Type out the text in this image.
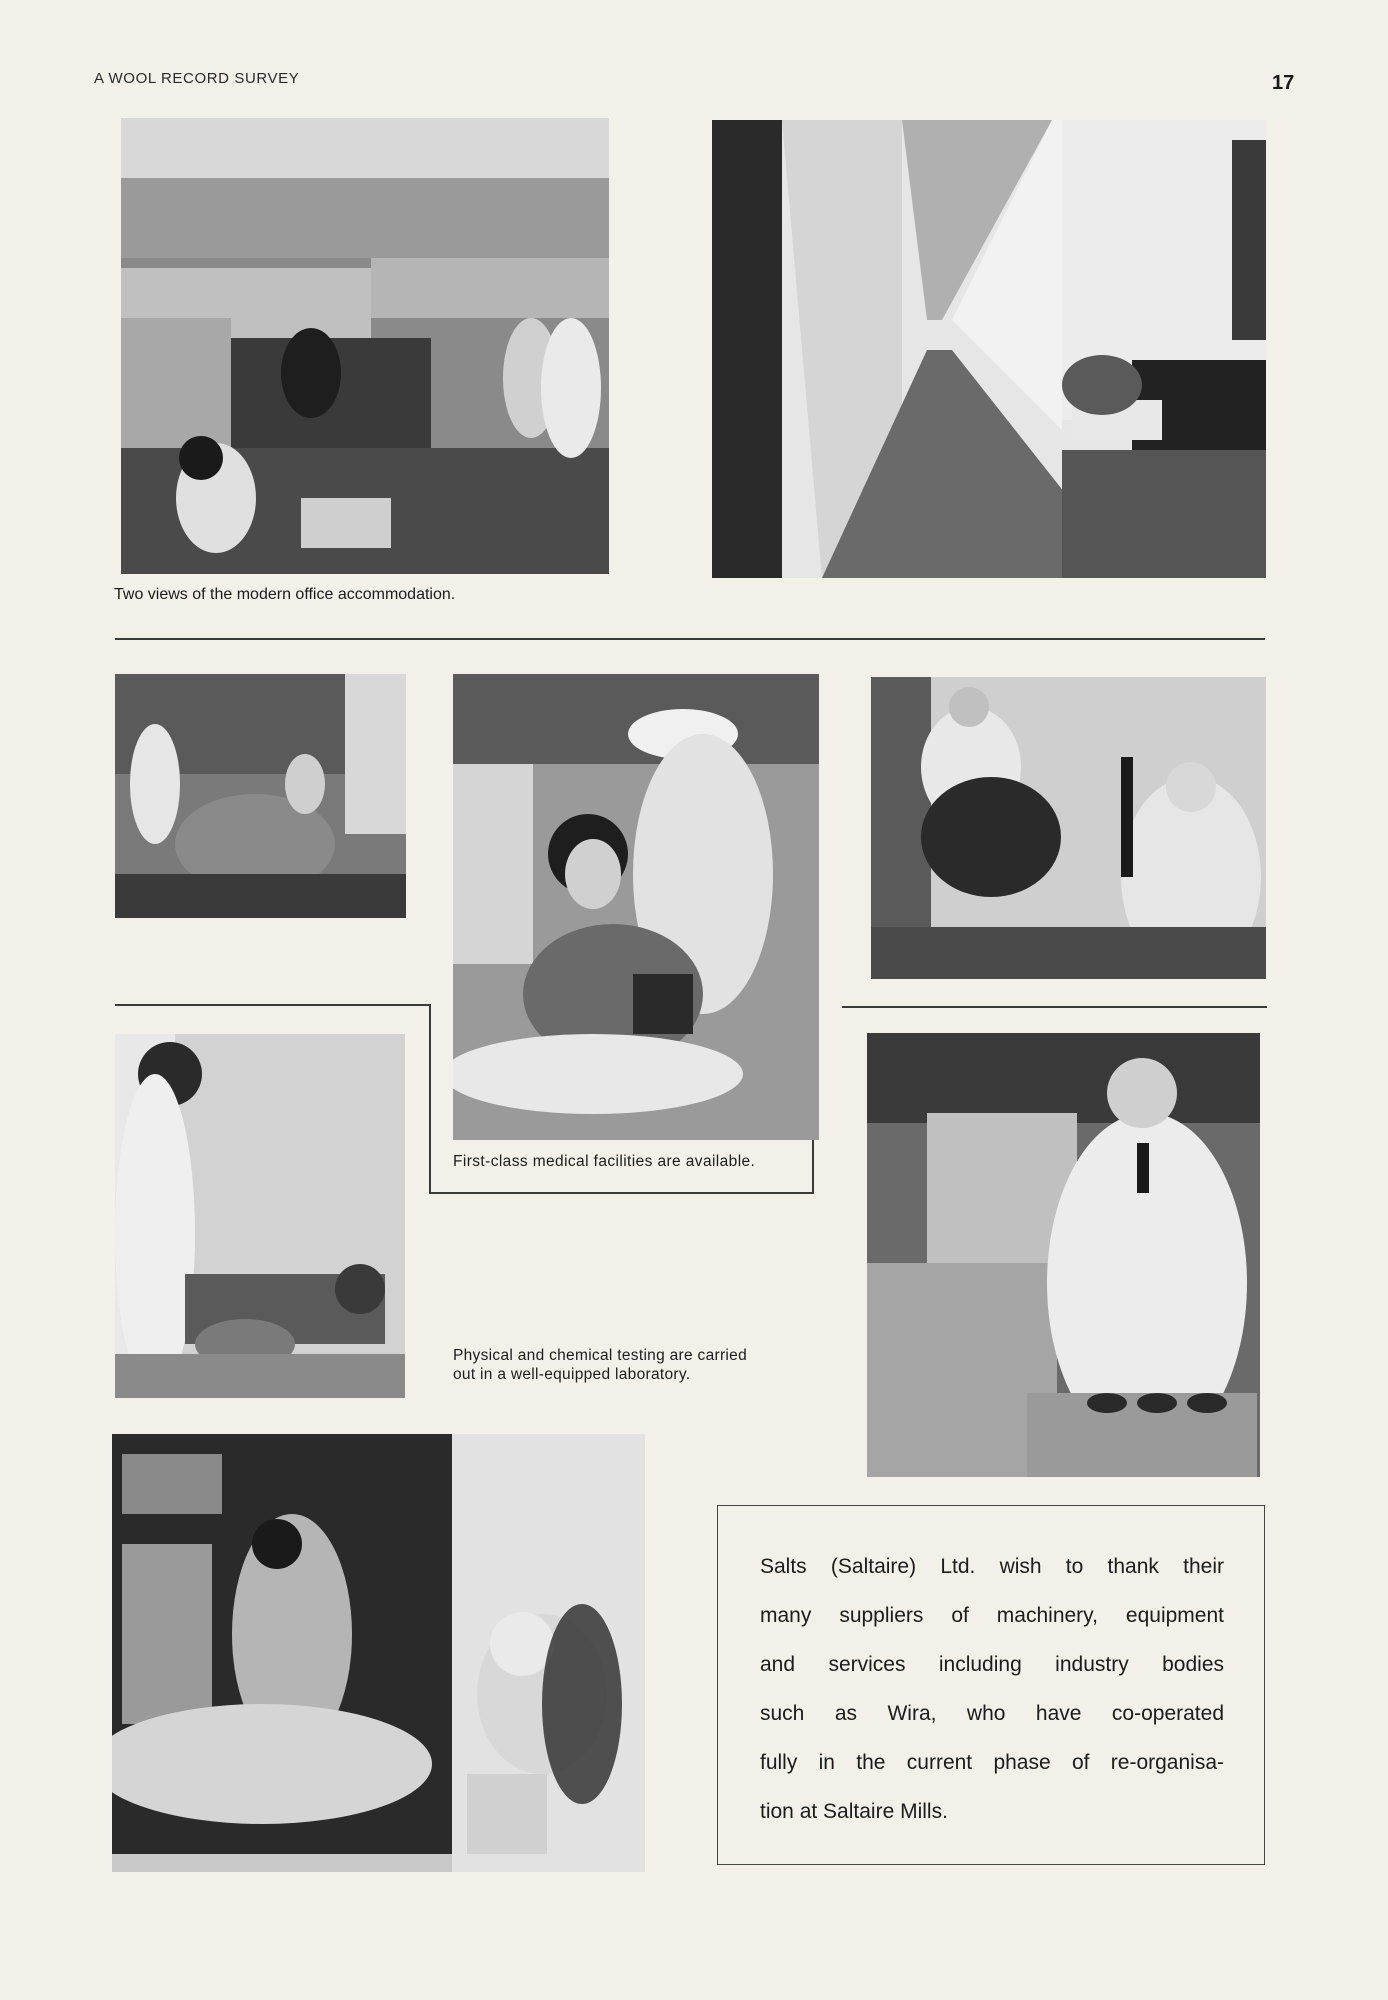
A WOOL RECORD SURVEY	17
Two views of the modern office accommodation.
First-class medical facilities are available.
Physical and chemical testing are carried
out in a well-equipped laboratory.
Salts (Saltaire) Ltd. wish to thank their
many suppliers of machinery, equipment
and services including industry bodies
such as Wira, who have co-operated
fully in the current phase of re-organisa-
tion at Saltaire Mills.
